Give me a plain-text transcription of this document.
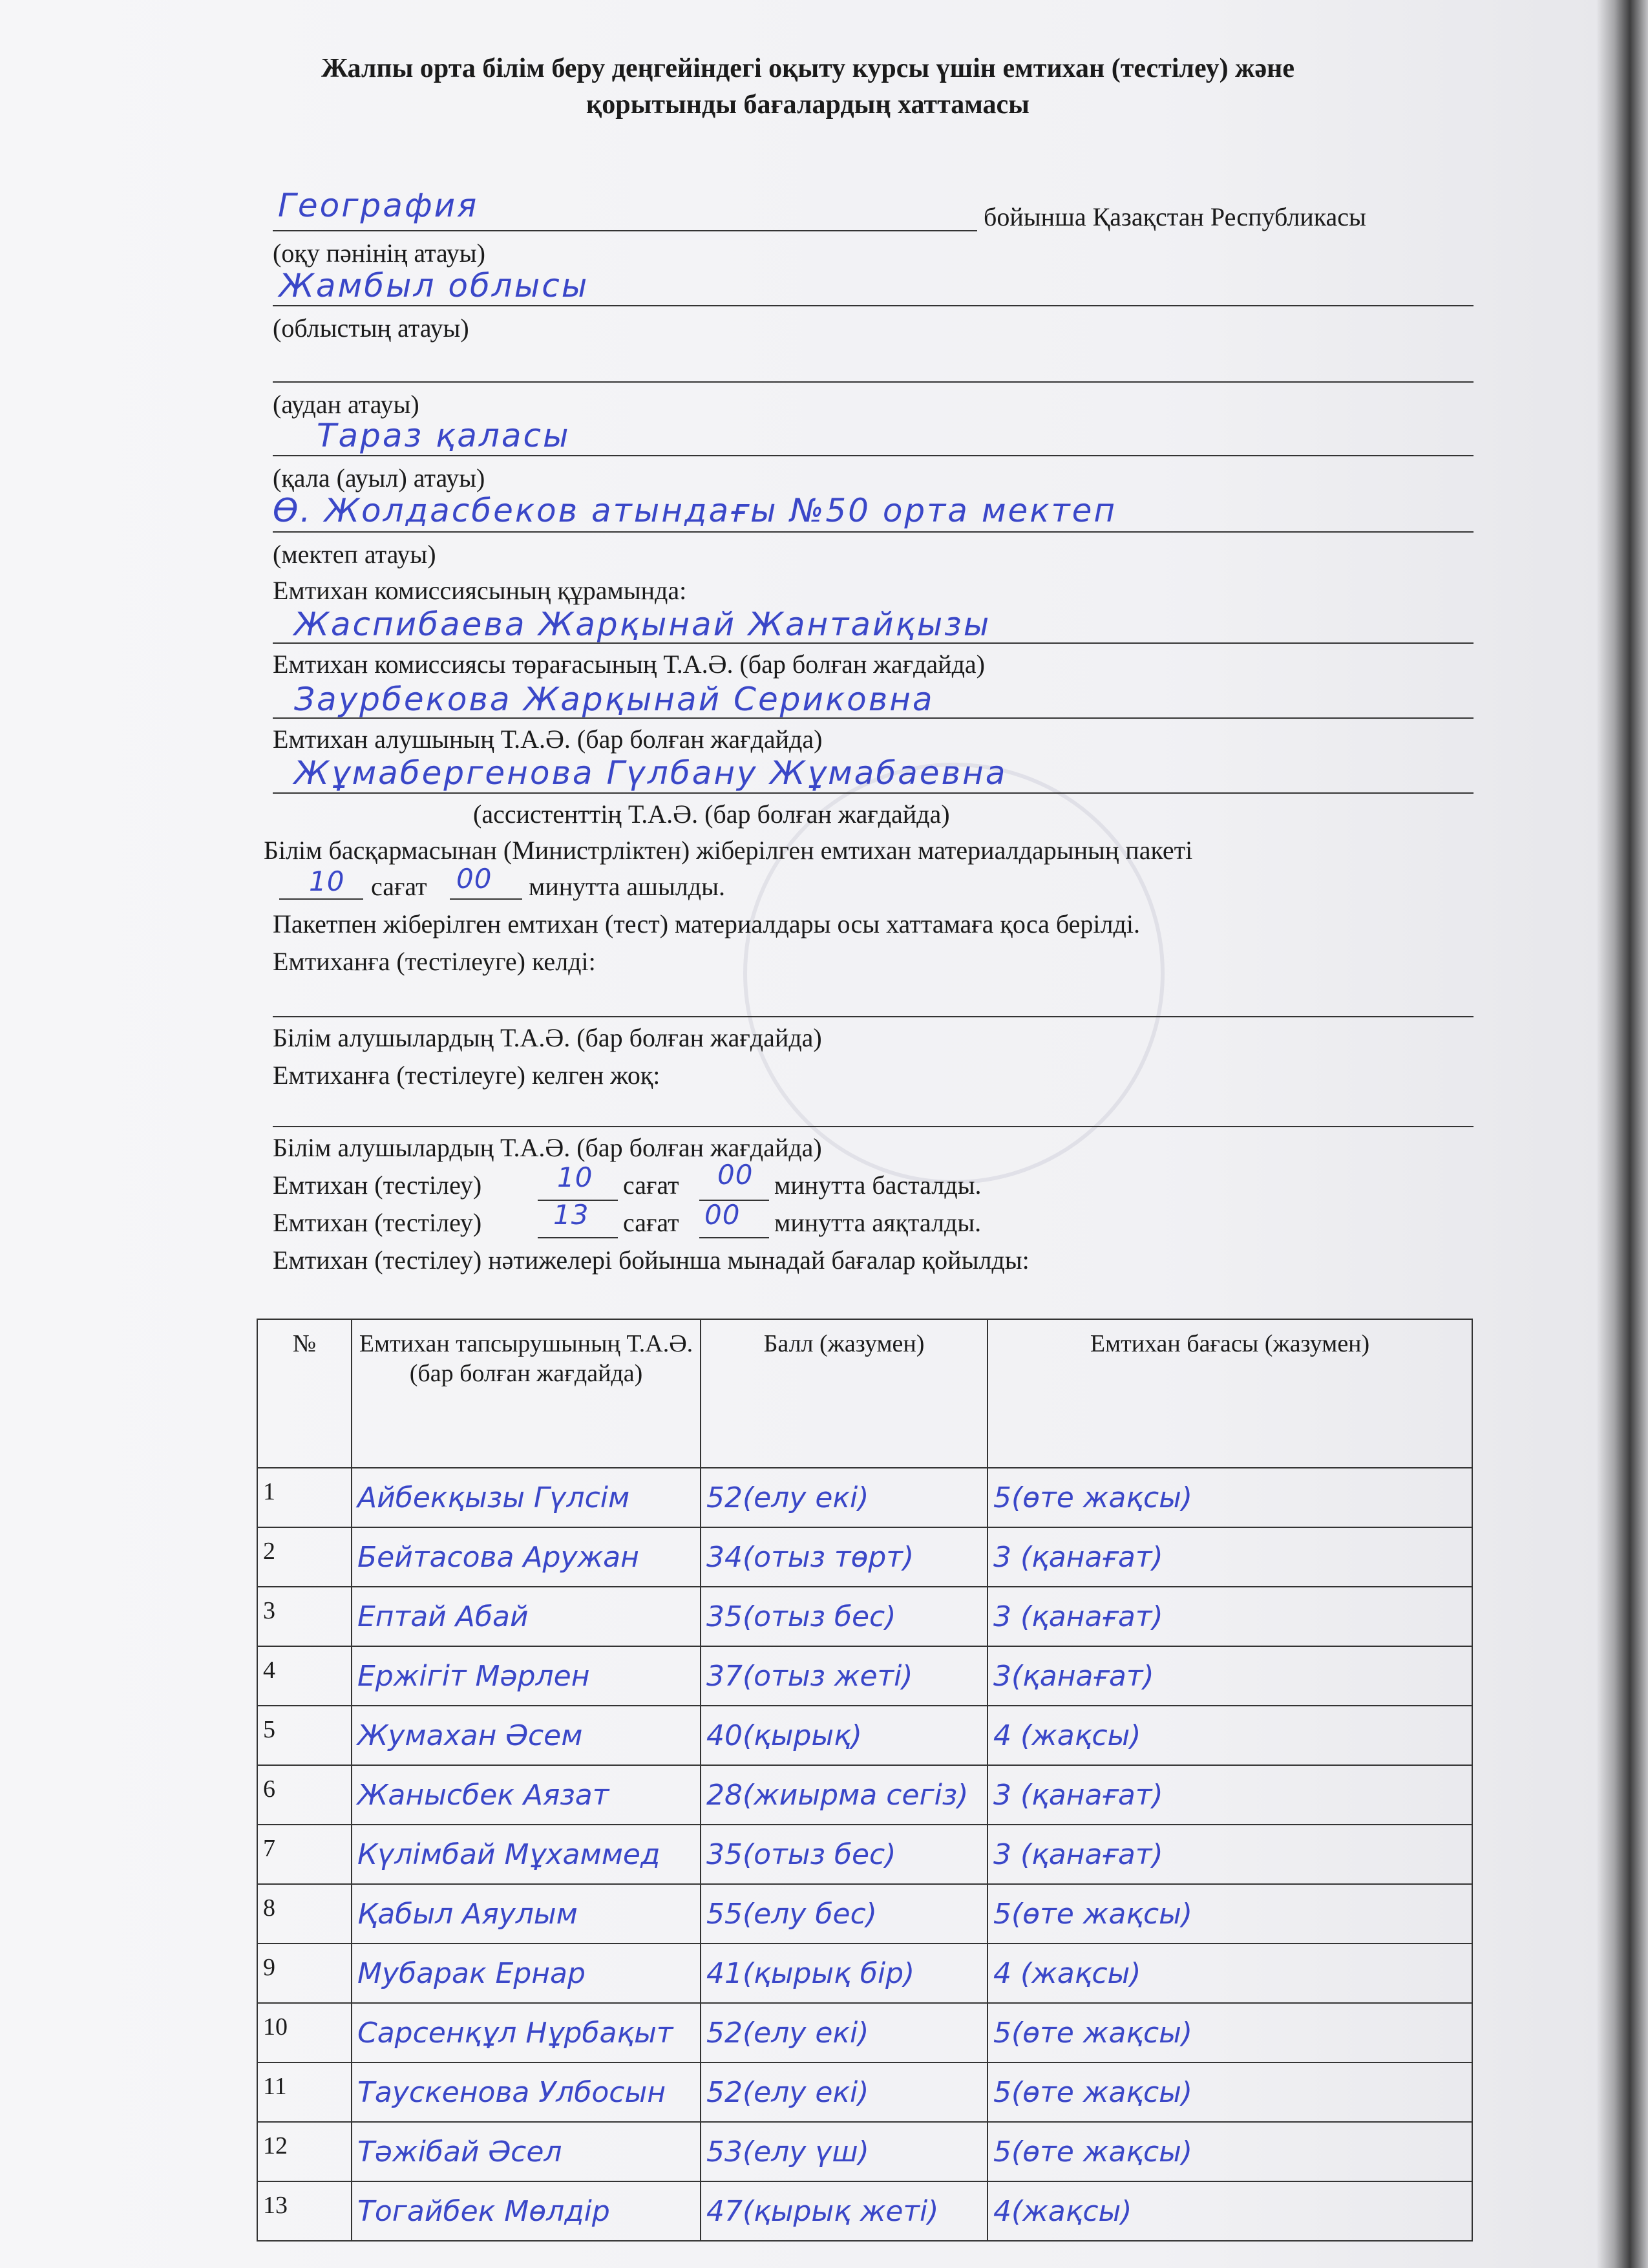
Жалпы орта білім беру деңгейіндегі оқыту курсы үшін емтихан (тестілеу) және
қорытынды бағалардың хаттамасы
География	бойынша Қазақстан Республикасы
(оқу пәнінің атауы)
Жамбыл облысы
(облыстың атауы)
(аудан атауы)
Тараз қаласы
(қала (ауыл) атауы)
Ө. Жолдасбеков атындағы №50 орта мектеп
(мектеп атауы)
Емтихан комиссиясының құрамында:
Жаспибаева Жарқынай Жантайқызы
Емтихан комиссиясы төрағасының Т.А.Ә. (бар болған жағдайда)
Заурбекова Жарқынай Сериковна
Емтихан алушының Т.А.Ә. (бар болған жағдайда)
Жұмабергенова Гүлбану Жұмабаевна
(ассистенттің Т.А.Ә. (бар болған жағдайда)
Білім басқармасынан (Министрліктен) жіберілген емтихан материалдарының пакеті
10 сағат 00 минутта ашылды.
Пакетпен жіберілген емтихан (тест) материалдары осы хаттамаға қоса берілді.
Емтиханға (тестілеуге) келді:
Білім алушылардың Т.А.Ә. (бар болған жағдайда)
Емтиханға (тестілеуге) келген жоқ:
Білім алушылардың Т.А.Ә. (бар болған жағдайда)
Емтихан (тестілеу)	10 сағат 00 минутта басталды.
Емтихан (тестілеу)	13 сағат 00 минутта аяқталды.
Емтихан (тестілеу) нәтижелері бойынша мынадай бағалар қойылды:
№	Емтихан тапсырушының Т.А.Ә. (бар болған жағдайда)	Балл (жазумен)	Емтихан бағасы (жазумен)
1	Айбекқызы Гүлсім	52(елу екі)	5(өте жақсы)
2	Бейтасова Аружан	34(отыз төрт)	3 (қанағат)
3	Ептай Абай	35(отыз бес)	3 (қанағат)
4	Ержігіт Мәрлен	37(отыз жеті)	3(қанағат)
5	Жумахан Әсем	40(қырық)	4 (жақсы)
6	Жанысбек Аязат	28(жиырма сегіз)	3 (қанағат)
7	Күлімбай Мұхаммед	35(отыз бес)	3 (қанағат)
8	Қабыл Аяулым	55(елу бес)	5(өте жақсы)
9	Мубарак Ернар	41(қырық бір)	4 (жақсы)
10	Сарсенқұл Нұрбақыт	52(елу екі)	5(өте жақсы)
11	Таускенова Улбосын	52(елу екі)	5(өте жақсы)
12	Тәжібай Әсел	53(елу үш)	5(өте жақсы)
13	Тогайбек Мөлдір	47(қырық жеті)	4(жақсы)
